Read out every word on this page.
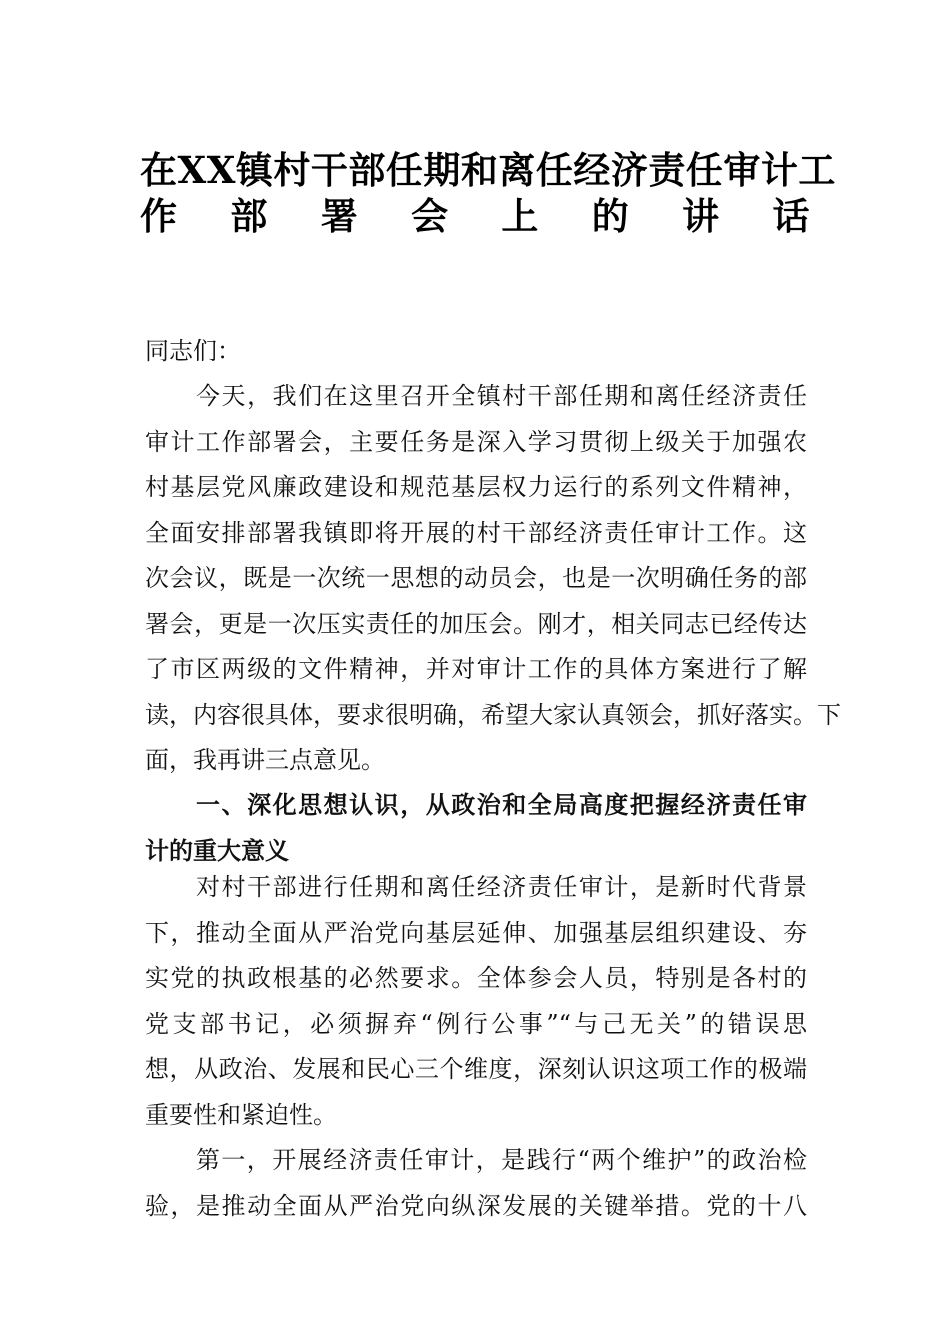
在XX镇村干部任期和离任经济责任审计工
作部署会上的讲话

同志们：

　　今天，我们在这里召开全镇村干部任期和离任经济责任
审计工作部署会，主要任务是深入学习贯彻上级关于加强农
村基层党风廉政建设和规范基层权力运行的系列文件精神，
全面安排部署我镇即将开展的村干部经济责任审计工作。这
次会议，既是一次统一思想的动员会，也是一次明确任务的部
署会，更是一次压实责任的加压会。刚才，相关同志已经传达
了市区两级的文件精神，并对审计工作的具体方案进行了解
读，内容很具体，要求很明确，希望大家认真领会，抓好落实。下
面，我再讲三点意见。
　　一、深化思想认识，从政治和全局高度把握经济责任审
计的重大意义
　　对村干部进行任期和离任经济责任审计，是新时代背景
下，推动全面从严治党向基层延伸、加强基层组织建设、夯
实党的执政根基的必然要求。全体参会人员，特别是各村的
党支部书记，必须摒弃“例行公事”“与己无关”的错误思
想，从政治、发展和民心三个维度，深刻认识这项工作的极端
重要性和紧迫性。
　　第一，开展经济责任审计，是践行“两个维护”的政治检
验，是推动全面从严治党向纵深发展的关键举措。党的十八
